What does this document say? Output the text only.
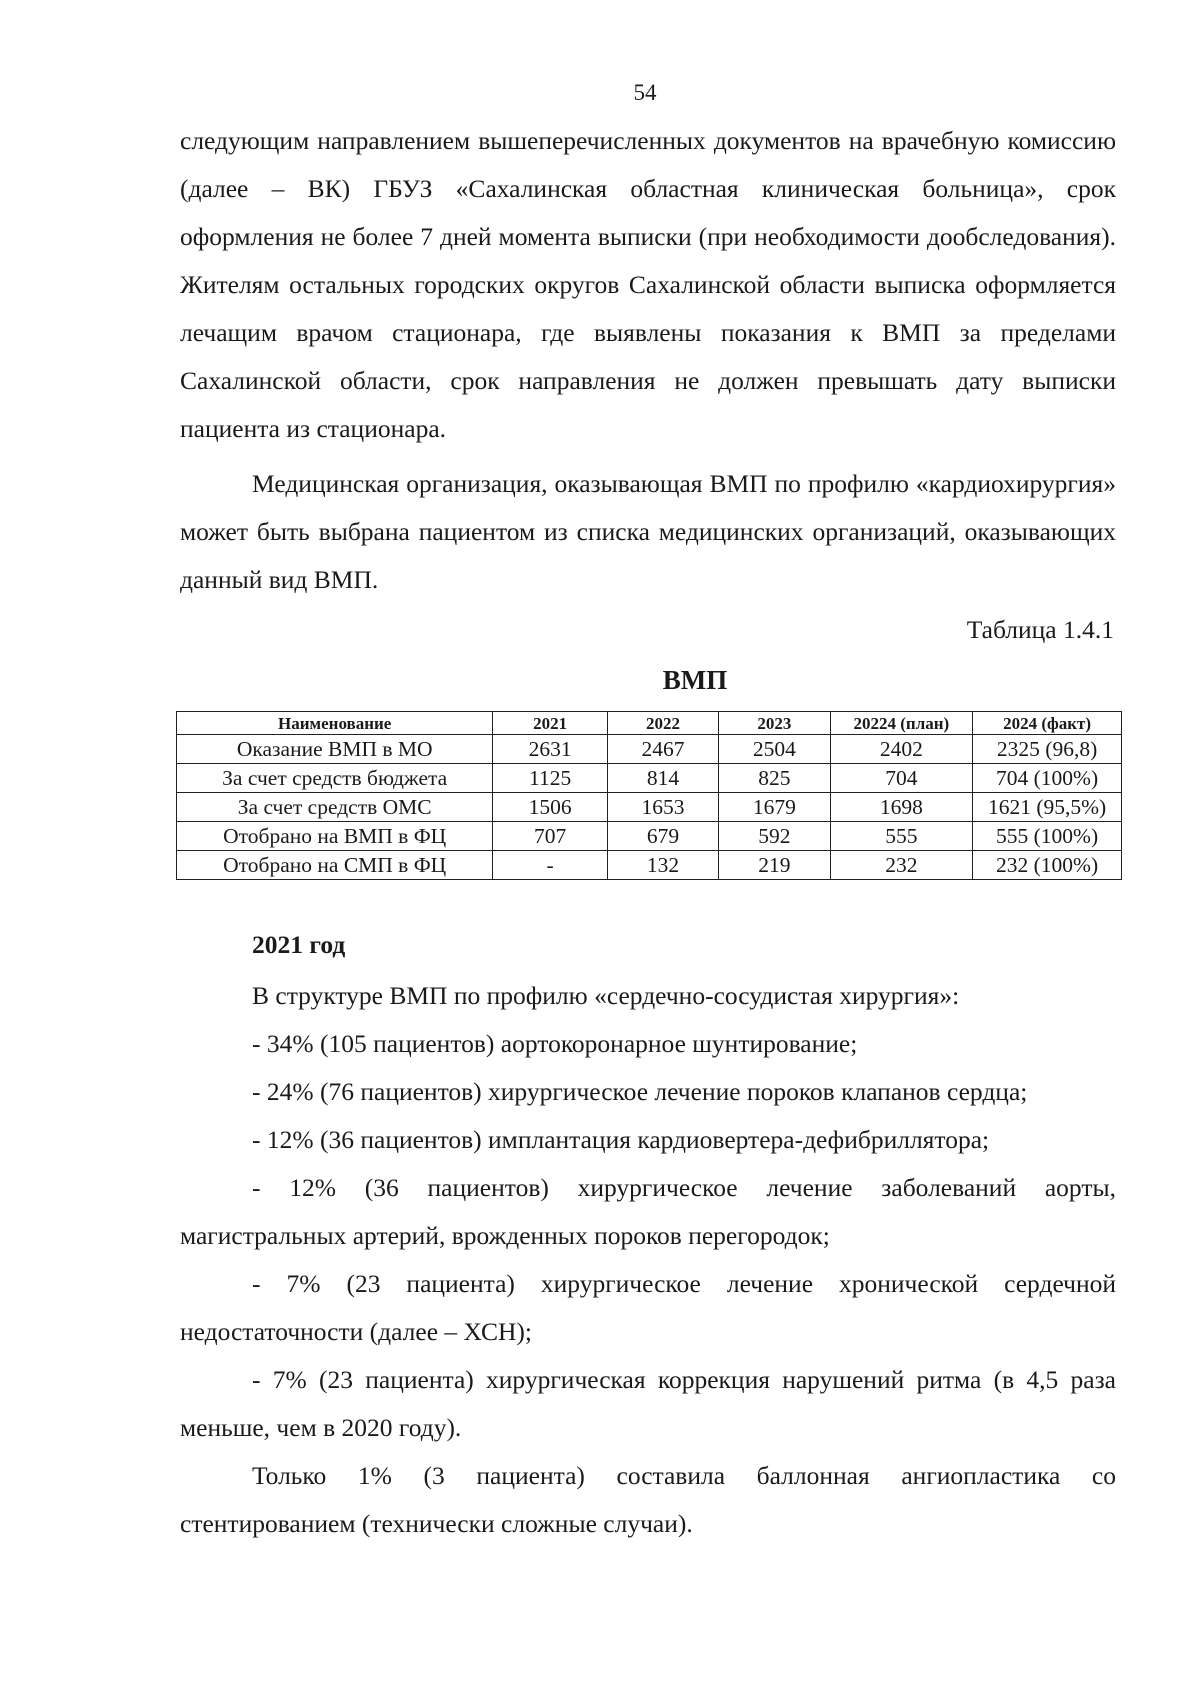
54

следующим направлением вышеперечисленных документов на врачебную комиссию (далее – ВК) ГБУЗ «Сахалинская областная клиническая больница», срок оформления не более 7 дней момента выписки (при необходимости дообследования). Жителям остальных городских округов Сахалинской области выписка оформляется лечащим врачом стационара, где выявлены показания к ВМП за пределами Сахалинской области, срок направления не должен превышать дату выписки пациента из стационара.

Медицинская организация, оказывающая ВМП по профилю «кардиохирургия» может быть выбрана пациентом из списка медицинских организаций, оказывающих данный вид ВМП.

Таблица 1.4.1
ВМП
Наименование	2021	2022	2023	20224 (план)	2024 (факт)
Оказание ВМП в МО	2631	2467	2504	2402	2325 (96,8)
За счет средств бюджета	1125	814	825	704	704 (100%)
За счет средств ОМС	1506	1653	1679	1698	1621 (95,5%)
Отобрано на ВМП в ФЦ	707	679	592	555	555 (100%)
Отобрано на СМП в ФЦ	-	132	219	232	232 (100%)
2021 год

В структуре ВМП по профилю «сердечно-сосудистая хирургия»:

- 34% (105 пациентов) аортокоронарное шунтирование;

- 24% (76 пациентов) хирургическое лечение пороков клапанов сердца;

- 12% (36 пациентов) имплантация кардиовертера-дефибриллятора;

- 12% (36 пациентов) хирургическое лечение заболеваний аорты, магистральных артерий, врожденных пороков перегородок;

- 7% (23 пациента) хирургическое лечение хронической сердечной недостаточности (далее – ХСН);

- 7% (23 пациента) хирургическая коррекция нарушений ритма (в 4,5 раза меньше, чем в 2020 году).

Только 1% (3 пациента) составила баллонная ангиопластика со стентированием (технически сложные случаи).
